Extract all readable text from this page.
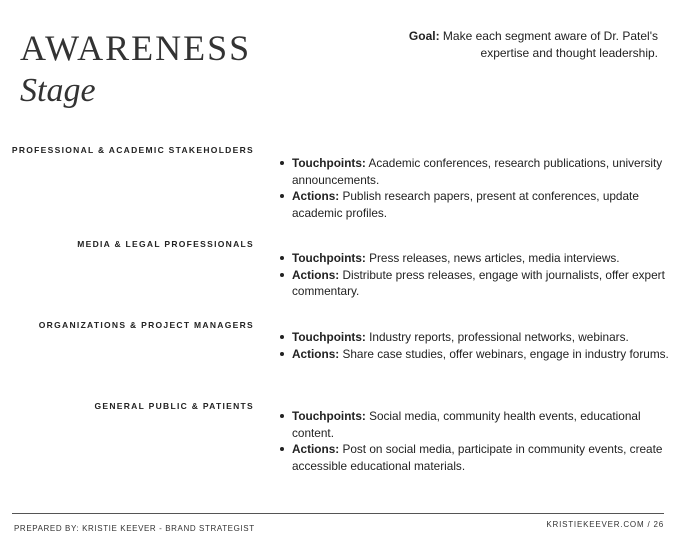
AWARENESS
Stage
Goal: Make each segment aware of Dr. Patel's expertise and thought leadership.
PROFESSIONAL & ACADEMIC STAKEHOLDERS
Touchpoints: Academic conferences, research publications, university announcements.
Actions: Publish research papers, present at conferences, update academic profiles.
MEDIA & LEGAL PROFESSIONALS
Touchpoints: Press releases, news articles, media interviews.
Actions: Distribute press releases, engage with journalists, offer expert commentary.
ORGANIZATIONS & PROJECT MANAGERS
Touchpoints: Industry reports, professional networks, webinars.
Actions: Share case studies, offer webinars, engage in industry forums.
GENERAL PUBLIC & PATIENTS
Touchpoints: Social media, community health events, educational content.
Actions: Post on social media, participate in community events, create accessible educational materials.
PREPARED BY: KRISTIE KEEVER - BRAND STRATEGIST	KRISTIEKEEVER.COM / 26
